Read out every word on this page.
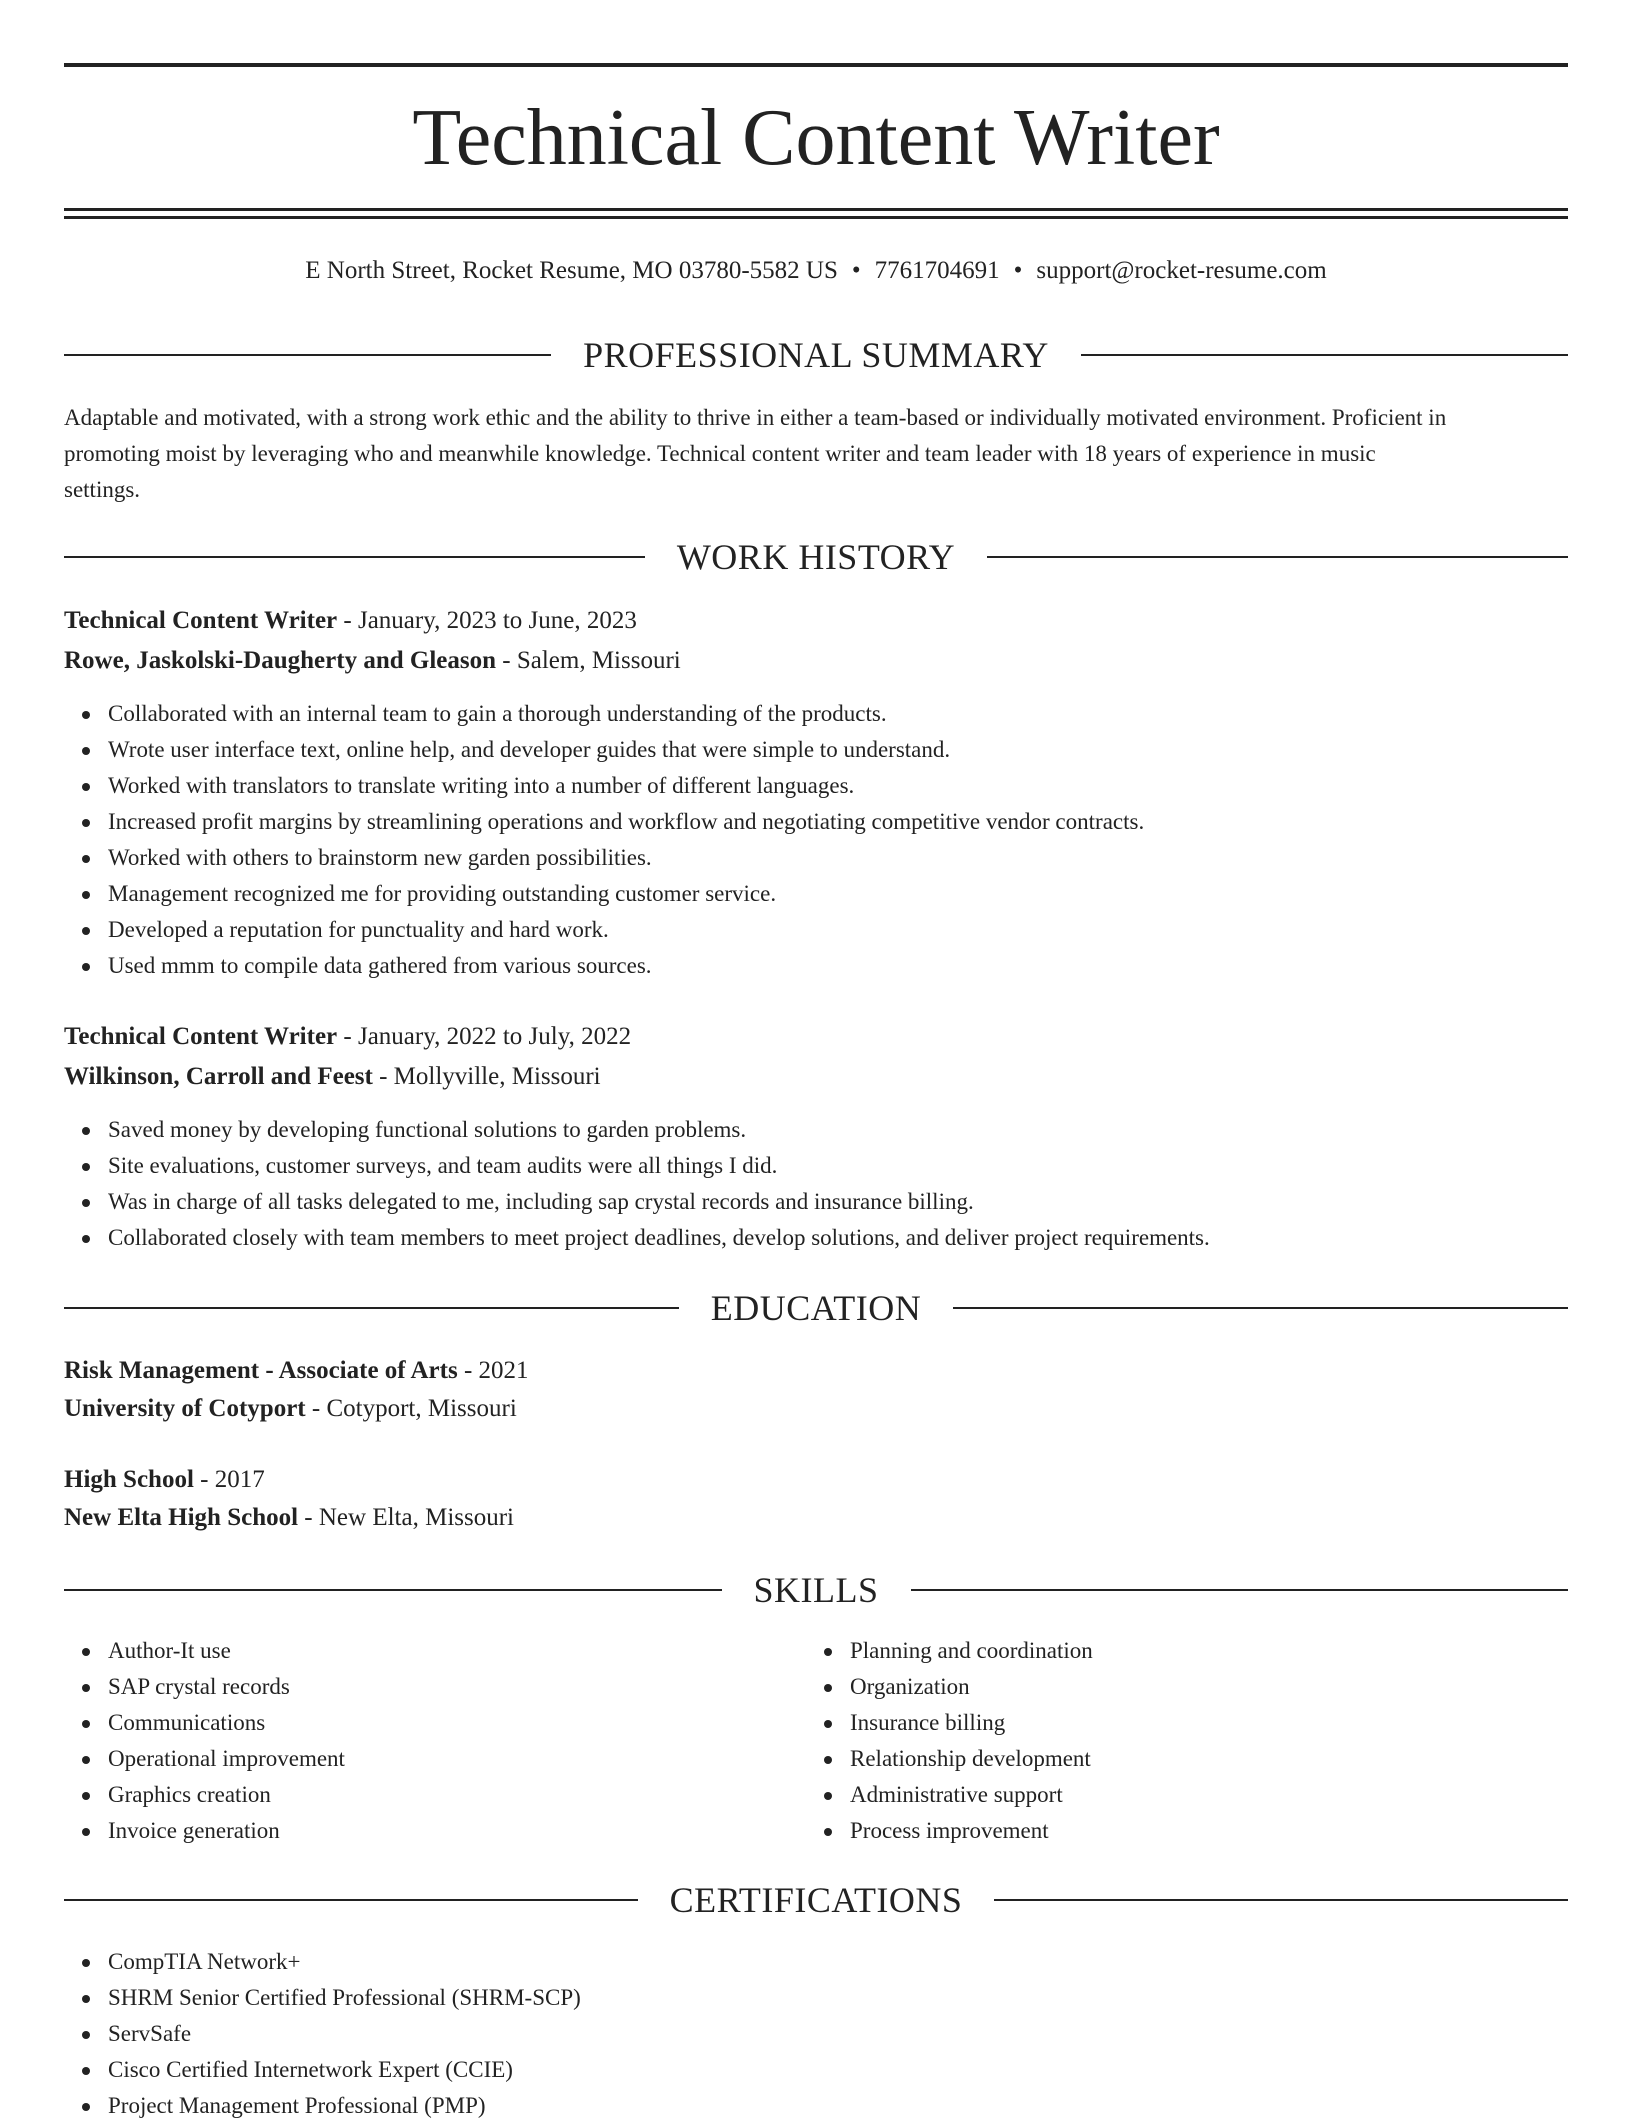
Technical Content Writer
E North Street, Rocket Resume, MO 03780-5582 US • 7761704691 • support@rocket-resume.com
PROFESSIONAL SUMMARY
Adaptable and motivated, with a strong work ethic and the ability to thrive in either a team-based or individually motivated environment. Proficient in
promoting moist by leveraging who and meanwhile knowledge. Technical content writer and team leader with 18 years of experience in music
settings.
WORK HISTORY
Technical Content Writer - January, 2023 to June, 2023
Rowe, Jaskolski-Daugherty and Gleason - Salem, Missouri
Collaborated with an internal team to gain a thorough understanding of the products.
Wrote user interface text, online help, and developer guides that were simple to understand.
Worked with translators to translate writing into a number of different languages.
Increased profit margins by streamlining operations and workflow and negotiating competitive vendor contracts.
Worked with others to brainstorm new garden possibilities.
Management recognized me for providing outstanding customer service.
Developed a reputation for punctuality and hard work.
Used mmm to compile data gathered from various sources.
Technical Content Writer - January, 2022 to July, 2022
Wilkinson, Carroll and Feest - Mollyville, Missouri
Saved money by developing functional solutions to garden problems.
Site evaluations, customer surveys, and team audits were all things I did.
Was in charge of all tasks delegated to me, including sap crystal records and insurance billing.
Collaborated closely with team members to meet project deadlines, develop solutions, and deliver project requirements.
EDUCATION
Risk Management - Associate of Arts - 2021
University of Cotyport - Cotyport, Missouri
High School - 2017
New Elta High School - New Elta, Missouri
SKILLS
Author-It use
SAP crystal records
Communications
Operational improvement
Graphics creation
Invoice generation
Planning and coordination
Organization
Insurance billing
Relationship development
Administrative support
Process improvement
CERTIFICATIONS
CompTIA Network+
SHRM Senior Certified Professional (SHRM-SCP)
ServSafe
Cisco Certified Internetwork Expert (CCIE)
Project Management Professional (PMP)
